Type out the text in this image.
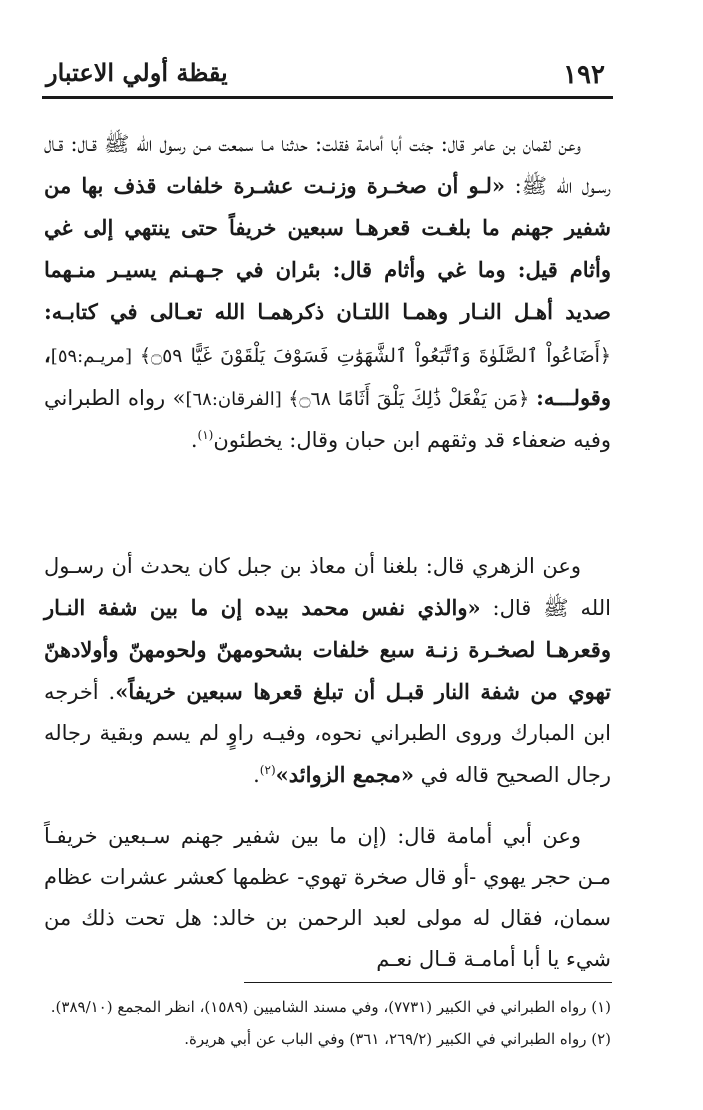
يقظة أولي الاعتبار	١٩٢

وعن لقمان بن عامر قال: جئت أبا أمامة فقلت: حدثنا مـا سمعت مـن رسول الله ﷺ قـال: قـال رسـول الله ﷺ: «لـو أن صخـرة وزنـت عشـرة خلفات قذف بها من شفير جهنم ما بلغـت قعرهـا سبعين خريفاً حتى ينتهي إلى غي وأثام قيل: وما غي وأثام قال: بئران في جـهـنم يسيـر منـهما صديد أهـل النـار وهمـا اللتـان ذكرهمـا الله تعـالى في كتابـه: ﴿أَضَاعُواْ ٱلصَّلَوٰةَ وَٱتَّبَعُواْ ٱلشَّهَوَٰتِ فَسَوْفَ يَلْقَوْنَ غَيًّا ۝٥٩﴾ [مريـم:٥٩]، وقولـــه: ﴿مَن يَفْعَلْ ذَٰلِكَ يَلْقَ أَثَامًا ۝٦٨﴾ [الفرقان:٦٨]» رواه الطبراني وفيه ضعفاء قد وثقهم ابن حبان وقال: يخطئون$^{(١)}$.

وعن الزهري قال: بلغنا أن معاذ بن جبل كان يحدث أن رسـول الله ﷺ قال: «والذي نفس محمد بيده إن ما بين شفة النـار وقعرهـا لصخـرة زنـة سبع خلفات بشحومهنّ ولحومهنّ وأولادهنّ تهوي من شفة النار قبـل أن تبلغ قعرها سبعين خريفاً». أخرجه ابن المبارك وروى الطبراني نحوه، وفيـه راوٍ لم يسم وبقية رجاله رجال الصحيح قاله في «مجمع الزوائد»$^{(٢)}$.

وعن أبي أمامة قال: (إن ما بين شفير جهنم سـبعين خريفـاً مـن حجر يهوي -أو قال صخرة تهوي- عظمها كعشر عشرات عظام سمان، فقال له مولى لعبد الرحمن بن خالد: هل تحت ذلك من شيء يا أبا أمامـة قـال نعـم

(١) رواه الطبراني في الكبير (٧٧٣١)، وفي مسند الشاميين (١٥٨٩)، انظر المجمع (٣٨٩/١٠).

(٢) رواه الطبراني في الكبير (٢٦٩/٢، ٣٦١) وفي الباب عن أبي هريرة.
